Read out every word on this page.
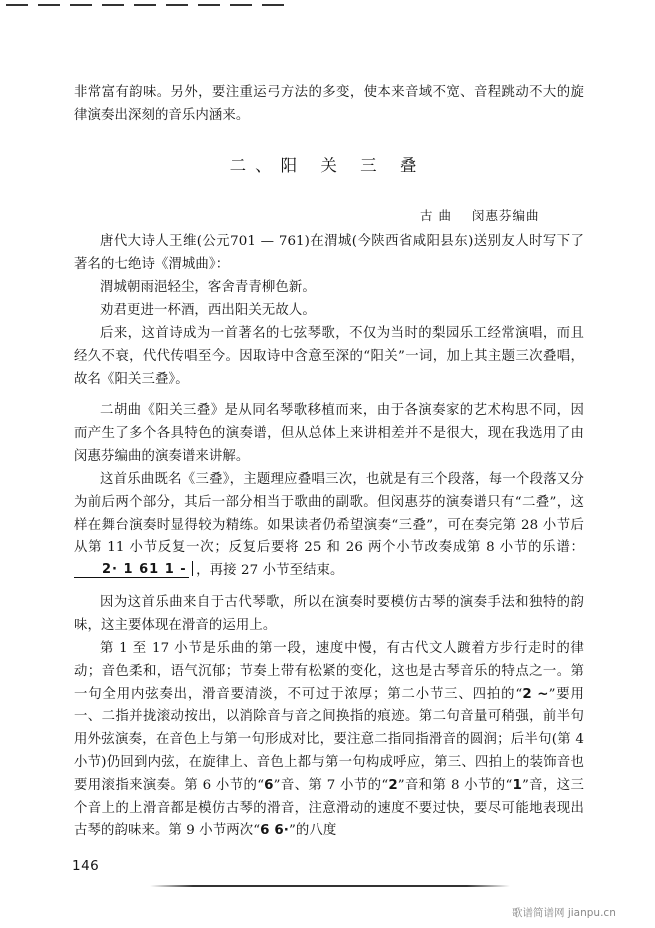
非常富有韵味。另外，要注重运弓方法的多变，使本来音域不宽、音程跳动不大的旋律演奏出深刻的音乐内涵来。

二、阳 关 三 叠
古 曲 闵惠芬编曲

唐代大诗人王维(公元701 — 761)在渭城(今陕西省咸阳县东)送别友人时写下了著名的七绝诗《渭城曲》：

渭城朝雨浥轻尘，客舍青青柳色新。

劝君更进一杯酒，西出阳关无故人。

后来，这首诗成为一首著名的七弦琴歌，不仅为当时的梨园乐工经常演唱，而且经久不衰，代代传唱至今。因取诗中含意至深的“阳关”一词，加上其主题三次叠唱，故名《阳关三叠》。

二胡曲《阳关三叠》是从同名琴歌移植而来，由于各演奏家的艺术构思不同，因而产生了多个各具特色的演奏谱，但从总体上来讲相差并不是很大，现在我选用了由闵惠芬编曲的演奏谱来讲解。

这首乐曲既名《三叠》，主题理应叠唱三次，也就是有三个段落，每一个段落又分为前后两个部分，其后一部分相当于歌曲的副歌。但闵惠芬的演奏谱只有“二叠”，这样在舞台演奏时显得较为精练。如果读者仍希望演奏“三叠”，可在奏完第 28 小节后从第 11 小节反复一次；反复后要将 25 和 26 两个小节改奏成第 8 小节的乐谱：2· 1 61 1 - ，再接 27 小节至结束。

因为这首乐曲来自于古代琴歌，所以在演奏时要模仿古琴的演奏手法和独特的韵味，这主要体现在滑音的运用上。

第 1 至 17 小节是乐曲的第一段，速度中慢，有古代文人踱着方步行走时的律动；音色柔和，语气沉郁；节奏上带有松紧的变化，这也是古琴音乐的特点之一。第一句全用内弦奏出，滑音要清淡，不可过于浓厚；第二小节三、四拍的“2 ~”要用一、二指并拢滚动按出，以消除音与音之间换指的痕迹。第二句音量可稍强，前半句用外弦演奏，在音色上与第一句形成对比，要注意二指同指滑音的圆润；后半句(第 4 小节)仍回到内弦，在旋律上、音色上都与第一句构成呼应，第三、四拍上的装饰音也要用滚指来演奏。第 6 小节的“6”音、第 7 小节的“2”音和第 8 小节的“1”音，这三个音上的上滑音都是模仿古琴的滑音，注意滑动的速度不要过快，要尽可能地表现出古琴的韵味来。第 9 小节两次“6 6·”的八度

146
歌谱简谱网 jianpu.cn
